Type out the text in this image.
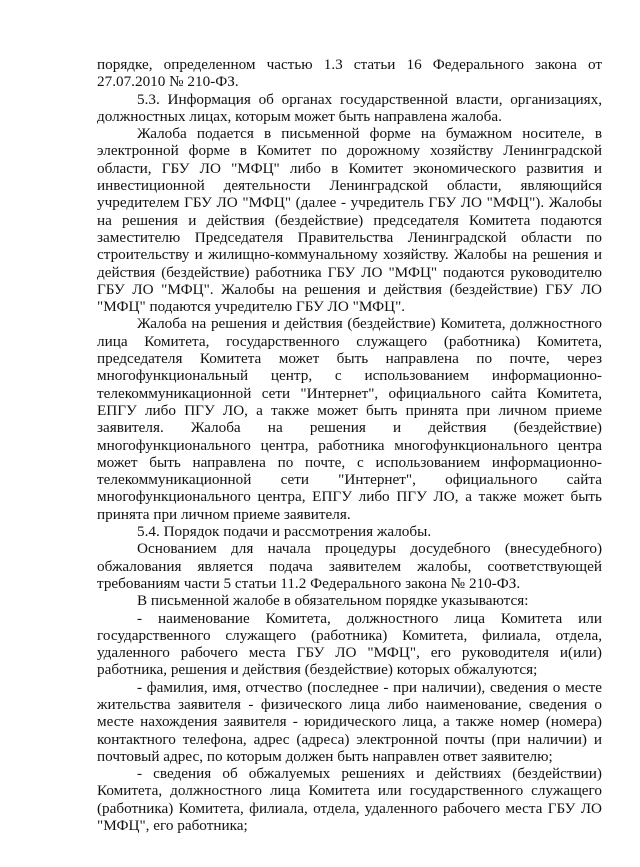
порядке, определенном частью 1.3 статьи 16 Федерального закона от 27.07.2010 № 210-ФЗ.

5.3. Информация об органах государственной власти, организациях, должностных лицах, которым может быть направлена жалоба.

Жалоба подается в письменной форме на бумажном носителе, в электронной форме в Комитет по дорожному хозяйству Ленинградской области, ГБУ ЛО "МФЦ" либо в Комитет экономического развития и инвестиционной деятельности Ленинградской области, являющийся учредителем ГБУ ЛО "МФЦ" (далее - учредитель ГБУ ЛО "МФЦ"). Жалобы на решения и действия (бездействие) председателя Комитета подаются заместителю Председателя Правительства Ленинградской области по строительству и жилищно-коммунальному хозяйству. Жалобы на решения и действия (бездействие) работника ГБУ ЛО "МФЦ" подаются руководителю ГБУ ЛО "МФЦ". Жалобы на решения и действия (бездействие) ГБУ ЛО "МФЦ" подаются учредителю ГБУ ЛО "МФЦ".

Жалоба на решения и действия (бездействие) Комитета, должностного лица Комитета, государственного служащего (работника) Комитета, председателя Комитета может быть направлена по почте, через многофункциональный центр, с использованием информационно-телекоммуникационной сети "Интернет", официального сайта Комитета, ЕПГУ либо ПГУ ЛО, а также может быть принята при личном приеме заявителя. Жалоба на решения и действия (бездействие) многофункционального центра, работника многофункционального центра может быть направлена по почте, с использованием информационно-телекоммуникационной сети "Интернет", официального сайта многофункционального центра, ЕПГУ либо ПГУ ЛО, а также может быть принята при личном приеме заявителя.

5.4. Порядок подачи и рассмотрения жалобы.

Основанием для начала процедуры досудебного (внесудебного) обжалования является подача заявителем жалобы, соответствующей требованиям части 5 статьи 11.2 Федерального закона № 210-ФЗ.

В письменной жалобе в обязательном порядке указываются:

- наименование Комитета, должностного лица Комитета или государственного служащего (работника) Комитета, филиала, отдела, удаленного рабочего места ГБУ ЛО "МФЦ", его руководителя и(или) работника, решения и действия (бездействие) которых обжалуются;

- фамилия, имя, отчество (последнее - при наличии), сведения о месте жительства заявителя - физического лица либо наименование, сведения о месте нахождения заявителя - юридического лица, а также номер (номера) контактного телефона, адрес (адреса) электронной почты (при наличии) и почтовый адрес, по которым должен быть направлен ответ заявителю;

- сведения об обжалуемых решениях и действиях (бездействии) Комитета, должностного лица Комитета или государственного служащего (работника) Комитета, филиала, отдела, удаленного рабочего места ГБУ ЛО "МФЦ", его работника;
